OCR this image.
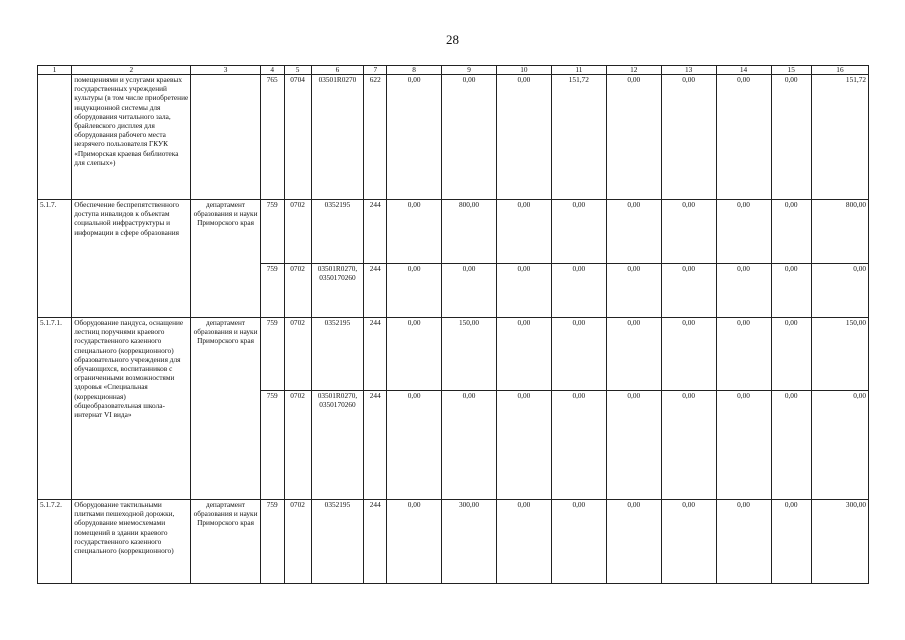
28
1	2	3	4	5	6	7	8	9	10	11	12	13	14	15	16
	помещениями и услугами краевых государственных учреждений культуры (в том числе приобретение индукционной системы для оборудования читального зала, брайлевского дисплея для оборудования рабочего места незрячего пользователя ГКУК «Приморская краевая библиотека для слепых»)		765	0704	03501R0270	622	0,00	0,00	0,00	151,72	0,00	0,00	0,00	0,00	151,72
5.1.7.	Обеспечение беспрепятственного доступа инвалидов к объектам социальной инфраструктуры и информации в сфере образования	департамент образования и науки Приморского края	759	0702	0352195	244	0,00	800,00	0,00	0,00	0,00	0,00	0,00	0,00	800,00
			759	0702	03501R0270, 0350170260	244	0,00	0,00	0,00	0,00	0,00	0,00	0,00	0,00	0,00
5.1.7.1.	Оборудование пандуса, оснащение лестниц поручнями краевого государственного казенного специального (коррекционного) образовательного учреждения для обучающихся, воспитанников с ограниченными возможностями здоровья «Специальная (коррекционная) общеобразовательная школа-интернат VI вида»	департамент образования и науки Приморского края	759	0702	0352195	244	0,00	150,00	0,00	0,00	0,00	0,00	0,00	0,00	150,00
			759	0702	03501R0270, 0350170260	244	0,00	0,00	0,00	0,00	0,00	0,00	0,00	0,00	0,00
5.1.7.2.	Оборудование тактильными плитками пешеходной дорожки, оборудование мнемосхемами помещений в здании краевого государственного казенного специального (коррекционного)	департамент образования и науки Приморского края	759	0702	0352195	244	0,00	300,00	0,00	0,00	0,00	0,00	0,00	0,00	300,00
